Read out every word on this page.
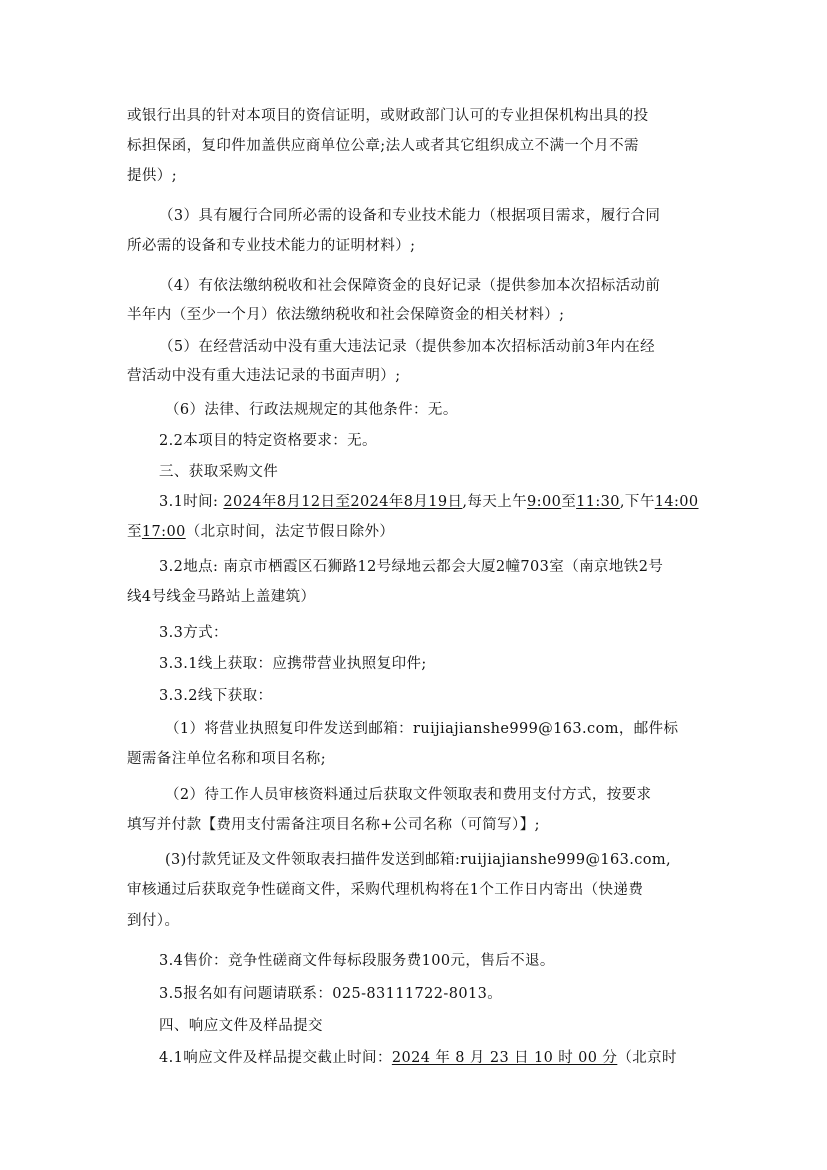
或银行出具的针对本项目的资信证明，或财政部门认可的专业担保机构出具的投
标担保函，复印件加盖供应商单位公章;法人或者其它组织成立不满一个月不需
提供）;
（3）具有履行合同所必需的设备和专业技术能力（根据项目需求，履行合同
所必需的设备和专业技术能力的证明材料）;
（4）有依法缴纳税收和社会保障资金的良好记录（提供参加本次招标活动前
半年内（至少一个月）依法缴纳税收和社会保障资金的相关材料）;
（5）在经营活动中没有重大违法记录（提供参加本次招标活动前3年内在经
营活动中没有重大违法记录的书面声明）;
（6）法律、行政法规规定的其他条件：无。
2.2本项目的特定资格要求：无。
三、获取采购文件
3.1时间: 2024年8月12日至2024年8月19日,每天上午9:00至11:30,下午14:00
至17:00（北京时间，法定节假日除外）
3.2地点: 南京市栖霞区石狮路12号绿地云都会大厦2幢703室（南京地铁2号
线4号线金马路站上盖建筑）
3.3方式：
3.3.1线上获取：应携带营业执照复印件;
3.3.2线下获取：
（1）将营业执照复印件发送到邮箱：ruijiajianshe999@163.com，邮件标
题需备注单位名称和项目名称;
（2）待工作人员审核资料通过后获取文件领取表和费用支付方式，按要求
填写并付款【费用支付需备注项目名称+公司名称（可简写）】;
(3)付款凭证及文件领取表扫描件发送到邮箱:ruijiajianshe999@163.com,
审核通过后获取竞争性磋商文件，采购代理机构将在1个工作日内寄出（快递费
到付）。
3.4售价：竞争性磋商文件每标段服务费100元，售后不退。
3.5报名如有问题请联系：025-83111722-8013。
四、响应文件及样品提交
4.1响应文件及样品提交截止时间：2024 年 8 月 23 日 10 时 00 分（北京时
